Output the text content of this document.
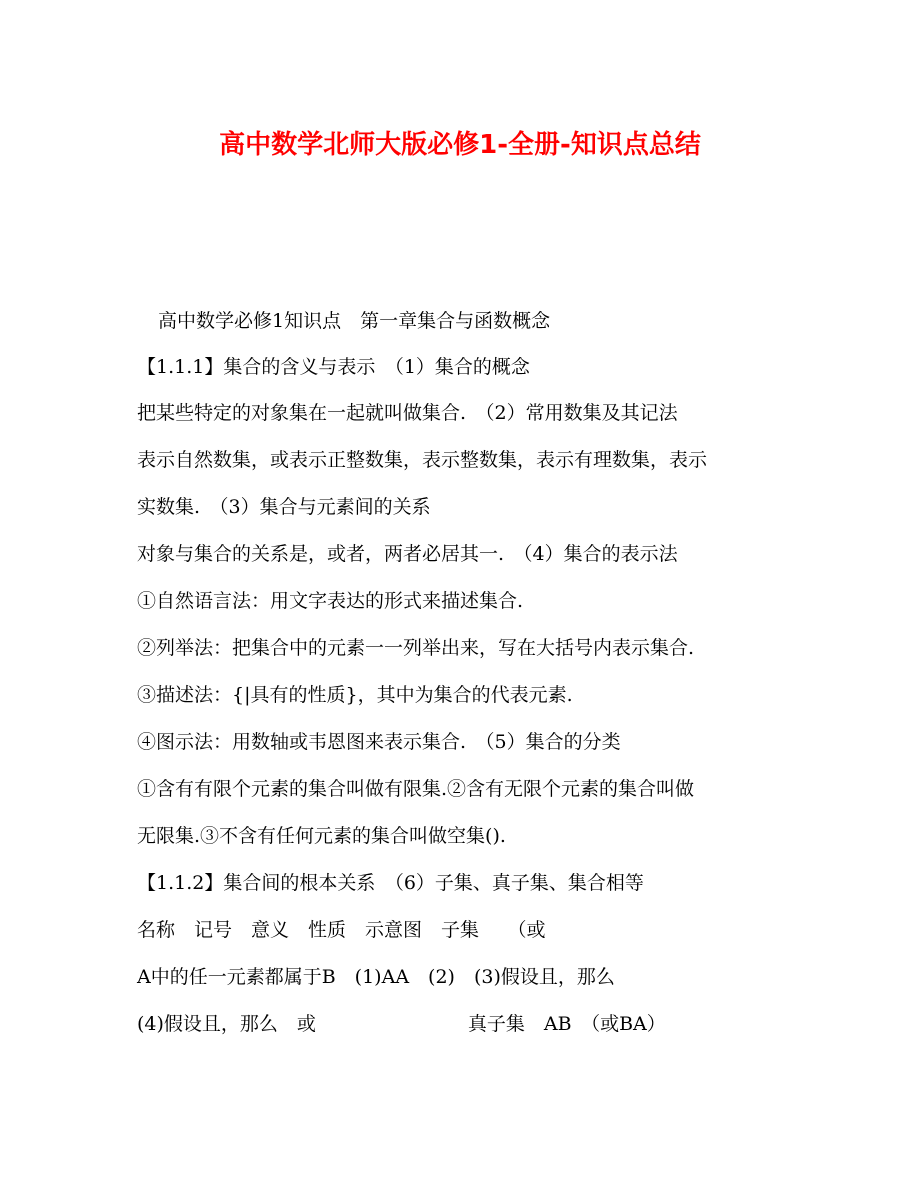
高中数学北师大版必修1-全册-知识点总结
高中数学必修1知识点　第一章集合与函数概念
【1.1.1】集合的含义与表示　（1）集合的概念
把某些特定的对象集在一起就叫做集合.　（2）常用数集及其记法
表示自然数集，或表示正整数集，表示整数集，表示有理数集，表示
实数集.　（3）集合与元素间的关系
对象与集合的关系是，或者，两者必居其一.　（4）集合的表示法
①自然语言法：用文字表达的形式来描述集合.
②列举法：把集合中的元素一一列举出来，写在大括号内表示集合.
③描述法：{|具有的性质}，其中为集合的代表元素.
④图示法：用数轴或韦恩图来表示集合.　（5）集合的分类
①含有有限个元素的集合叫做有限集.②含有无限个元素的集合叫做
无限集.③不含有任何元素的集合叫做空集().
【1.1.2】集合间的根本关系　（6）子集、真子集、集合相等
名称　记号　意义　性质　示意图　子集　　（或
A中的任一元素都属于B　(1)AA　(2)　(3)假设且，那么
(4)假设且，那么　或　　　　　　　　真子集　AB　（或BA）
